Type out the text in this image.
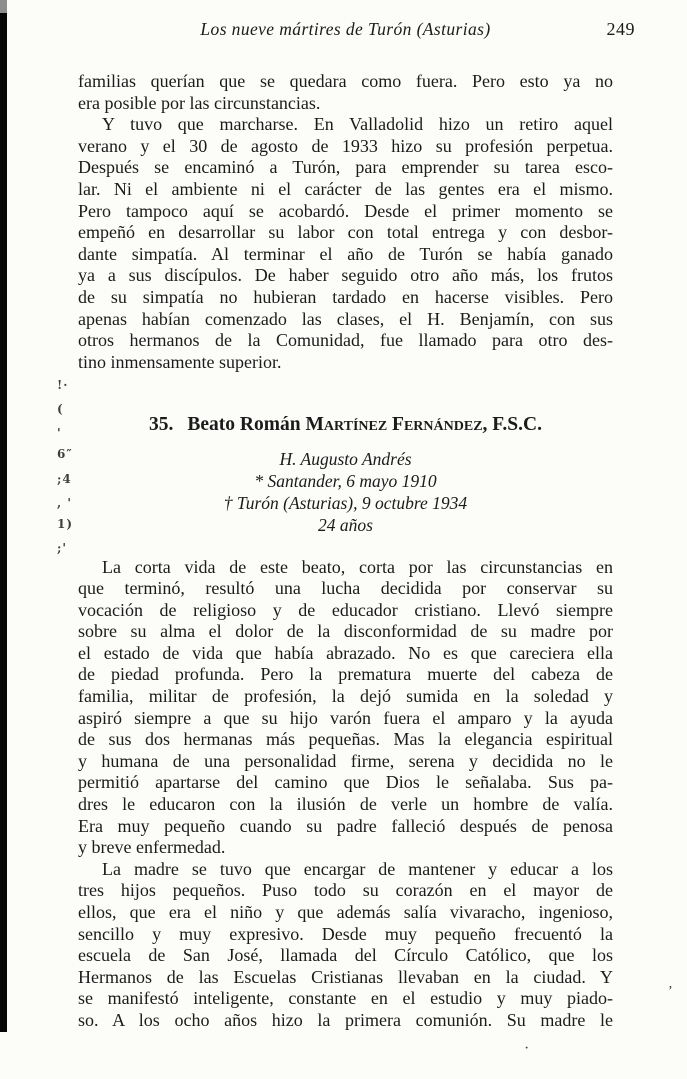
Los nueve mártires de Turón (Asturias)	249
familias querían que se quedara como fuera. Pero esto ya no
era posible por las circunstancias.
Y tuvo que marcharse. En Valladolid hizo un retiro aquel
verano y el 30 de agosto de 1933 hizo su profesión perpetua.
Después se encaminó a Turón, para emprender su tarea esco-
lar. Ni el ambiente ni el carácter de las gentes era el mismo.
Pero tampoco aquí se acobardó. Desde el primer momento se
empeñó en desarrollar su labor con total entrega y con desbor-
dante simpatía. Al terminar el año de Turón se había ganado
ya a sus discípulos. De haber seguido otro año más, los frutos
de su simpatía no hubieran tardado en hacerse visibles. Pero
apenas habían comenzado las clases, el H. Benjamín, con sus
otros hermanos de la Comunidad, fue llamado para otro des-
tino inmensamente superior.
35. Beato Román Martínez Fernández, F.S.C.
H. Augusto Andrés
* Santander, 6 mayo 1910
† Turón (Asturias), 9 octubre 1934
24 años
La corta vida de este beato, corta por las circunstancias en
que terminó, resultó una lucha decidida por conservar su
vocación de religioso y de educador cristiano. Llevó siempre
sobre su alma el dolor de la disconformidad de su madre por
el estado de vida que había abrazado. No es que careciera ella
de piedad profunda. Pero la prematura muerte del cabeza de
familia, militar de profesión, la dejó sumida en la soledad y
aspiró siempre a que su hijo varón fuera el amparo y la ayuda
de sus dos hermanas más pequeñas. Mas la elegancia espiritual
y humana de una personalidad firme, serena y decidida no le
permitió apartarse del camino que Dios le señalaba. Sus pa-
dres le educaron con la ilusión de verle un hombre de valía.
Era muy pequeño cuando su padre falleció después de penosa
y breve enfermedad.
La madre se tuvo que encargar de mantener y educar a los
tres hijos pequeños. Puso todo su corazón en el mayor de
ellos, que era el niño y que además salía vivaracho, ingenioso,
sencillo y muy expresivo. Desde muy pequeño frecuentó la
escuela de San José, llamada del Círculo Católico, que los
Hermanos de las Escuelas Cristianas llevaban en la ciudad. Y
se manifestó inteligente, constante en el estudio y muy piado-
so. A los ocho años hizo la primera comunión. Su madre le
!·
(
'
6″
;4
, '
1)
;'
’
·
